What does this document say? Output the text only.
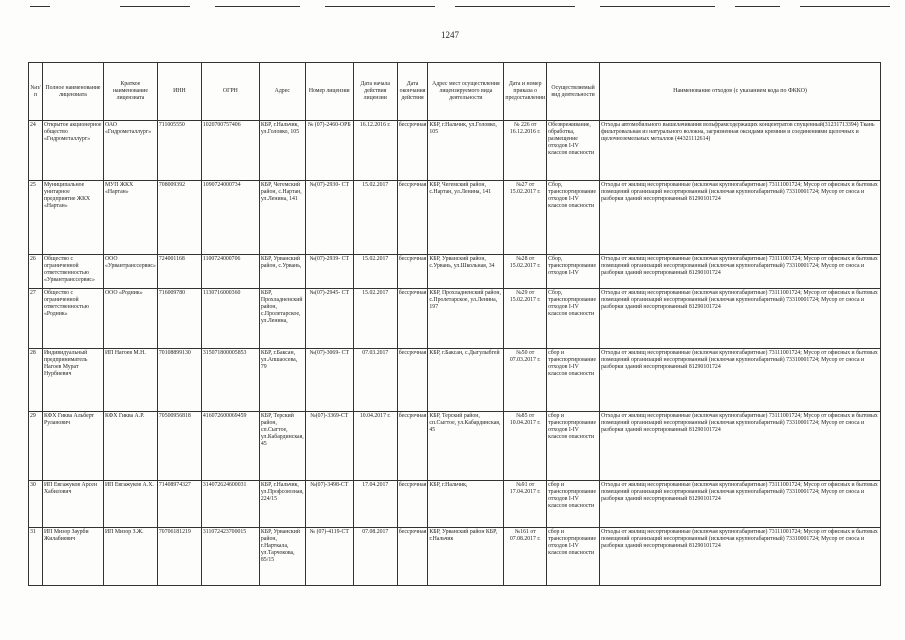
1247
№п/п	Полное наименование лицензиата	Краткое наименование лицензиата	ИНН	ОГРН	Адрес	Номер лицензии	Дата начала действия лицензии	Дата окончания действия	Адрес мест осуществления лицензируемого вида деятельности	Дата и номер приказа о предоставлении	Осуществляемый вид деятельности	Наименование отходов (с указанием кода по ФККО)
24	Открытое акционерное общество «Гидрометаллург»	ОАО «Гидрометаллург»	711005550	1020700757406	КБР, г.Нальчик, ул.Головко, 105	№ (07)-2460-ОРБ	16.12.2016 г.	бессрочная	КБР, г.Нальчик, ул.Головко, 105	№ 226 от 16.12.2016 г.	Обезвреживание, обработка, размещение отходов I-IV классов опасности	Отходы автомобильного вышелачивания вольфрамсодержащих концентратов спущенный(31231713394) Ткань фильтровальная из натурального волокна, загрязненная оксидами кремния и соединениями щелочных и щелочноземельных металлов (44321112614)
25	Муниципальное унитарное предприятие ЖКХ «Нартан»	МУП ЖКХ «Нартан»	708009392	1090724000734	КБР, Чегемский район, с.Нартан, ул.Ленина, 141	№(07)-2930- СТ	15.02.2017	бессрочная	КБР, Чегемский район, с.Нартан, ул.Ленина, 141	№27 от 15.02.2017 г.	Сбор, транспортирование отходов I-IV классов опасности	Отходы от жилищ несортированные (исключая крупногабаритные) 73111001724; Мусор от офисных и бытовых помещений организаций несортированный (исключая крупногабаритный) 73310001724; Мусор от сноса и разборки зданий несортированный 81290101724
26	Общество с ограниченной ответственностью «Урвантранссервис»	ООО «Урвантранссервис»	724001168	1100724000706	КБР, Урванский район, с.Урвань,	№(07)-2939- СТ	15.02.2017	бессрочная	КБР, Урванский район, с.Урвань, ул.Школьная, 34	№28 от 15.02.2017 г.	Сбор, транспортирование отходов I-IV	Отходы от жилищ несортированные (исключая крупногабаритные) 73111001724; Мусор от офисных и бытовых помещений организаций несортированный (исключая крупногабаритный) 73310001724; Мусор от сноса и разборки зданий несортированный 81290101724
27	Общество с ограниченной ответственностью «Родник»	ООО «Родник»	716009780	1130716000360	КБР, Прохладненский район, с.Пролетарское, ул.Ленина,	№(07)-2945- СТ	15.02.2017	бессрочная	КБР, Прохладненский район, с.Пролетарское, ул.Ленина, 197	№29 от 15.02.2017 г.	Сбор, транспортирование отходов I-IV классов опасности	Отходы от жилищ несортированные (исключая крупногабаритные) 73111001724; Мусор от офисных и бытовых помещений организаций несортированный (исключая крупногабаритный) 73310001724; Мусор от сноса и разборки зданий несортированный 81290101724
28	Индивидуальный предприниматель Нагоев Мурат Нурбиевич	ИП Нагоев М.Н.	70108899130	315071800005853	КБР, г.Баксан, ул.Апшаосева, 79	№(07)-3069- СТ	07.03.2017	бессрочная	КБР, г.Баксан, с.Дыгулыбгей	№50 от 07.03.2017 г.	сбор и транспортирование отходов I-IV классов опасности	Отходы от жилищ несортированные (исключая крупногабаритные) 73111001724; Мусор от офисных и бытовых помещений организаций несортированный (исключая крупногабаритный) 73310001724; Мусор от сноса и разборки зданий несортированный 81290101724
29	КФХ Гиква Альберт Руланович	КФХ Гиква А.Р.	70500956818	416072600069459	КБР, Терский район, сп.Сыгтое, ул.Кабардинская, 45	№(07)-3369-СТ	10.04.2017 г.	бессрочная	КБР, Терский район, сп.Сыгтое, ул.Кабардинская, 45	№85 от 10.04.2017 г.	сбор и транспортирование отходов I-IV классов опасности	Отходы от жилищ несортированные (исключая крупногабаритные) 73111001724; Мусор от офисных и бытовых помещений организаций несортированный (исключая крупногабаритный) 73310001724; Мусор от сноса и разборки зданий несортированный 81290101724
30	ИП Евгажуков Арсен Хабилович	ИП Евгажуков А.Х.	71408974327	314072624600031	КБР, г.Нальчик, ул.Профсоюзная, 224/15	№(07)-3498-СТ	17.04.2017	бессрочная	КБР, г.Нальчик,	№91 от 17.04.2017 г.	сбор и транспортирование отходов I-IV классов опасности	Отходы от жилищ несортированные (исключая крупногабаритные) 73111001724; Мусор от офисных и бытовых помещений организаций несортированный (исключая крупногабаритный) 73310001724; Мусор от сноса и разборки зданий несортированный 81290101724
31	ИП Мизор Заурби Жилабиевич	ИП Мизор З.Ж.	70706181219	311072423700015	КБР, Урванский район, г.Нарткала, ул.Тарчокова, 85/15	№ (07)-4119-СТ	07.08.2017	бессрочная	КБР, Урванский район КБР, г.Нальчик	№161 от 07.08.2017 г.	сбор и транспортирование отходов I-IV классов опасности	Отходы от жилищ несортированные (исключая крупногабаритные) 73111001724; Мусор от офисных и бытовых помещений организаций несортированный (исключая крупногабаритный) 73310001724; Мусор от сноса и разборки зданий несортированный 81290101724
